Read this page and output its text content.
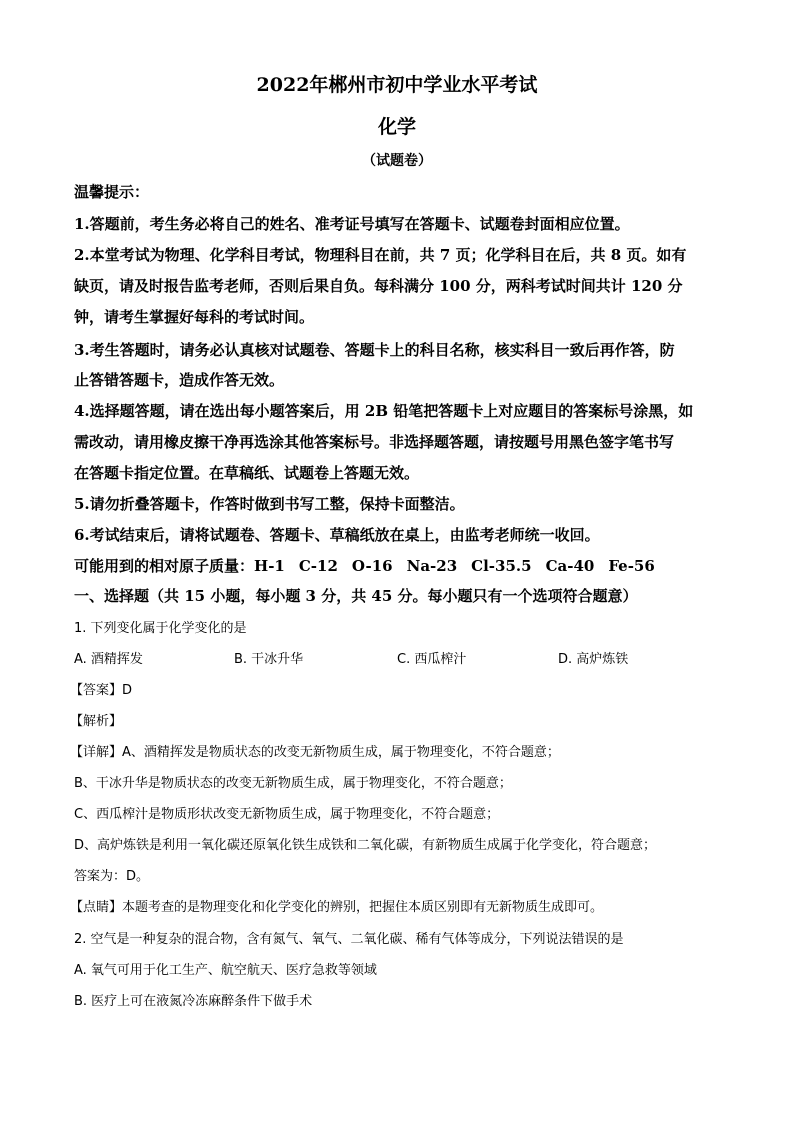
2022年郴州市初中学业水平考试
化学
（试题卷）
温馨提示：
1.答题前，考生务必将自己的姓名、准考证号填写在答题卡、试题卷封面相应位置。
2.本堂考试为物理、化学科目考试，物理科目在前，共 7 页；化学科目在后，共 8 页。如有
缺页，请及时报告监考老师，否则后果自负。每科满分 100 分，两科考试时间共计 120 分
钟，请考生掌握好每科的考试时间。
3.考生答题时，请务必认真核对试题卷、答题卡上的科目名称，核实科目一致后再作答，防
止答错答题卡，造成作答无效。
4.选择题答题，请在选出每小题答案后，用 2B 铅笔把答题卡上对应题目的答案标号涂黑，如
需改动，请用橡皮擦干净再选涂其他答案标号。非选择题答题，请按题号用黑色签字笔书写
在答题卡指定位置。在草稿纸、试题卷上答题无效。
5.请勿折叠答题卡，作答时做到书写工整，保持卡面整洁。
6.考试结束后，请将试题卷、答题卡、草稿纸放在桌上，由监考老师统一收回。
可能用到的相对原子质量：H-1 C-12 O-16 Na-23 Cl-35.5 Ca-40 Fe-56
一、选择题（共 15 小题，每小题 3 分，共 45 分。每小题只有一个选项符合题意）
1. 下列变化属于化学变化的是
A. 酒精挥发	B. 干冰升华	C. 西瓜榨汁	D. 高炉炼铁
【答案】D
【解析】
【详解】A、酒精挥发是物质状态的改变无新物质生成，属于物理变化，不符合题意；
B、干冰升华是物质状态的改变无新物质生成，属于物理变化，不符合题意；
C、西瓜榨汁是物质形状改变无新物质生成，属于物理变化，不符合题意；
D、高炉炼铁是利用一氧化碳还原氧化铁生成铁和二氧化碳，有新物质生成属于化学变化，符合题意；
答案为：D。
【点睛】本题考查的是物理变化和化学变化的辨别，把握住本质区别即有无新物质生成即可。
2. 空气是一种复杂的混合物，含有氮气、氧气、二氧化碳、稀有气体等成分，下列说法错误的是
A. 氧气可用于化工生产、航空航天、医疗急救等领域
B. 医疗上可在液氮冷冻麻醉条件下做手术
